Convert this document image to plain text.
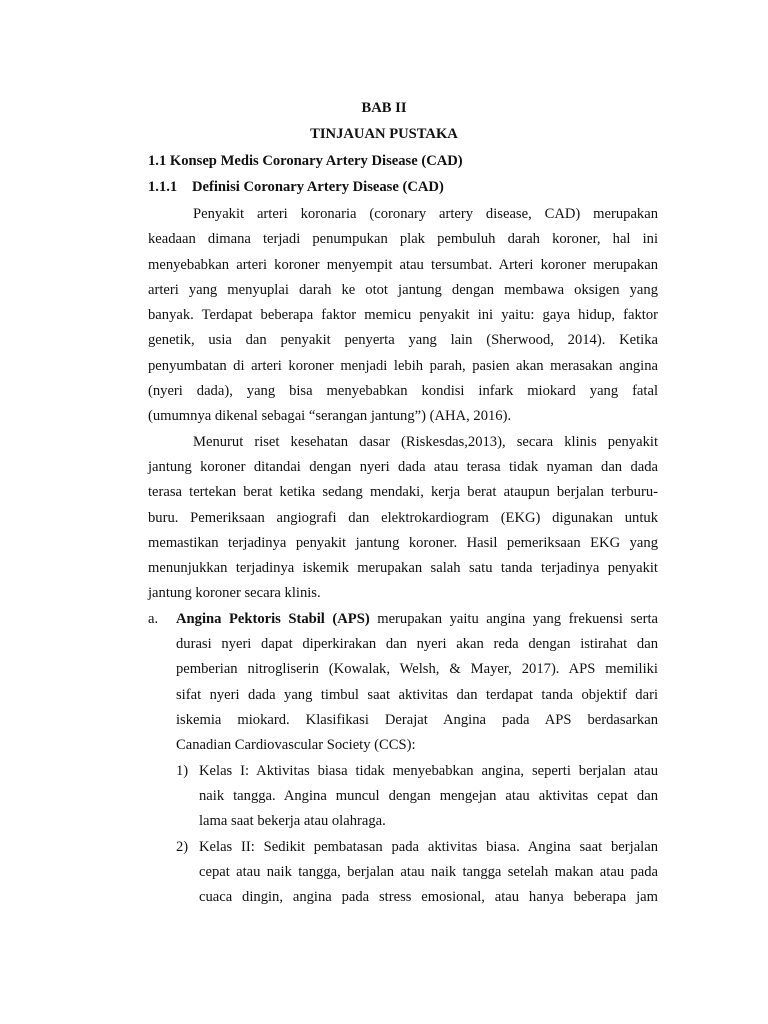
BAB II
TINJAUAN PUSTAKA
1.1 Konsep Medis Coronary Artery Disease (CAD)
1.1.1 Definisi Coronary Artery Disease (CAD)
Penyakit arteri koronaria (coronary artery disease, CAD) merupakan
keadaan dimana terjadi penumpukan plak pembuluh darah koroner, hal ini
menyebabkan arteri koroner menyempit atau tersumbat. Arteri koroner merupakan
arteri yang menyuplai darah ke otot jantung dengan membawa oksigen yang
banyak. Terdapat beberapa faktor memicu penyakit ini yaitu: gaya hidup, faktor
genetik, usia dan penyakit penyerta yang lain (Sherwood, 2014). Ketika
penyumbatan di arteri koroner menjadi lebih parah, pasien akan merasakan angina
(nyeri dada), yang bisa menyebabkan kondisi infark miokard yang fatal
(umumnya dikenal sebagai “serangan jantung”) (AHA, 2016).
Menurut riset kesehatan dasar (Riskesdas,2013), secara klinis penyakit
jantung koroner ditandai dengan nyeri dada atau terasa tidak nyaman dan dada
terasa tertekan berat ketika sedang mendaki, kerja berat ataupun berjalan terburu-
buru. Pemeriksaan angiografi dan elektrokardiogram (EKG) digunakan untuk
memastikan terjadinya penyakit jantung koroner. Hasil pemeriksaan EKG yang
menunjukkan terjadinya iskemik merupakan salah satu tanda terjadinya penyakit
jantung koroner secara klinis.
a. Angina Pektoris Stabil (APS) merupakan yaitu angina yang frekuensi serta
durasi nyeri dapat diperkirakan dan nyeri akan reda dengan istirahat dan
pemberian nitrogliserin (Kowalak, Welsh, & Mayer, 2017). APS memiliki
sifat nyeri dada yang timbul saat aktivitas dan terdapat tanda objektif dari
iskemia miokard. Klasifikasi Derajat Angina pada APS berdasarkan
Canadian Cardiovascular Society (CCS):
1) Kelas I: Aktivitas biasa tidak menyebabkan angina, seperti berjalan atau
naik tangga. Angina muncul dengan mengejan atau aktivitas cepat dan
lama saat bekerja atau olahraga.
2) Kelas II: Sedikit pembatasan pada aktivitas biasa. Angina saat berjalan
cepat atau naik tangga, berjalan atau naik tangga setelah makan atau pada
cuaca dingin, angina pada stress emosional, atau hanya beberapa jam
